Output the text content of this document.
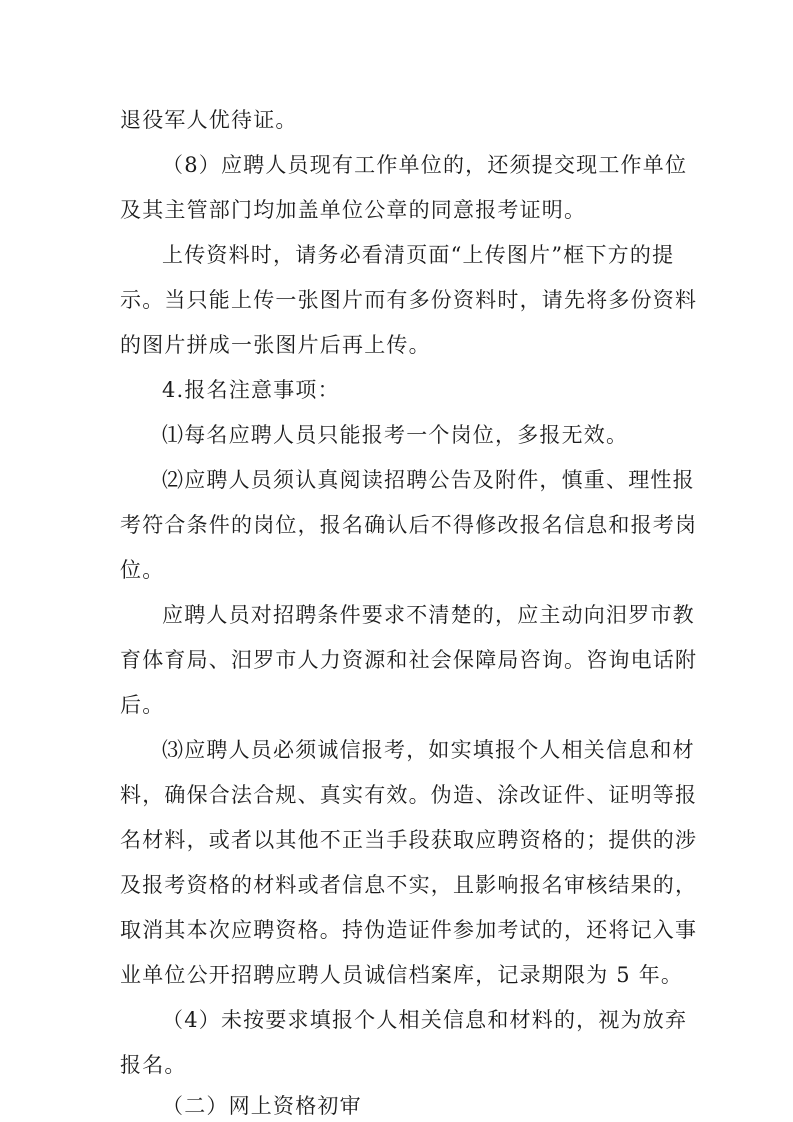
退役军人优待证。
（8）应聘人员现有工作单位的，还须提交现工作单位
及其主管部门均加盖单位公章的同意报考证明。
上传资料时，请务必看清页面“上传图片”框下方的提
示。当只能上传一张图片而有多份资料时，请先将多份资料
的图片拼成一张图片后再上传。
4.报名注意事项：
⑴每名应聘人员只能报考一个岗位，多报无效。
⑵应聘人员须认真阅读招聘公告及附件，慎重、理性报
考符合条件的岗位，报名确认后不得修改报名信息和报考岗
位。
应聘人员对招聘条件要求不清楚的，应主动向汨罗市教
育体育局、汨罗市人力资源和社会保障局咨询。咨询电话附
后。
⑶应聘人员必须诚信报考，如实填报个人相关信息和材
料，确保合法合规、真实有效。伪造、涂改证件、证明等报
名材料，或者以其他不正当手段获取应聘资格的；提供的涉
及报考资格的材料或者信息不实，且影响报名审核结果的，
取消其本次应聘资格。持伪造证件参加考试的，还将记入事
业单位公开招聘应聘人员诚信档案库，记录期限为 5 年。
（4）未按要求填报个人相关信息和材料的，视为放弃
报名。
（二）网上资格初审
